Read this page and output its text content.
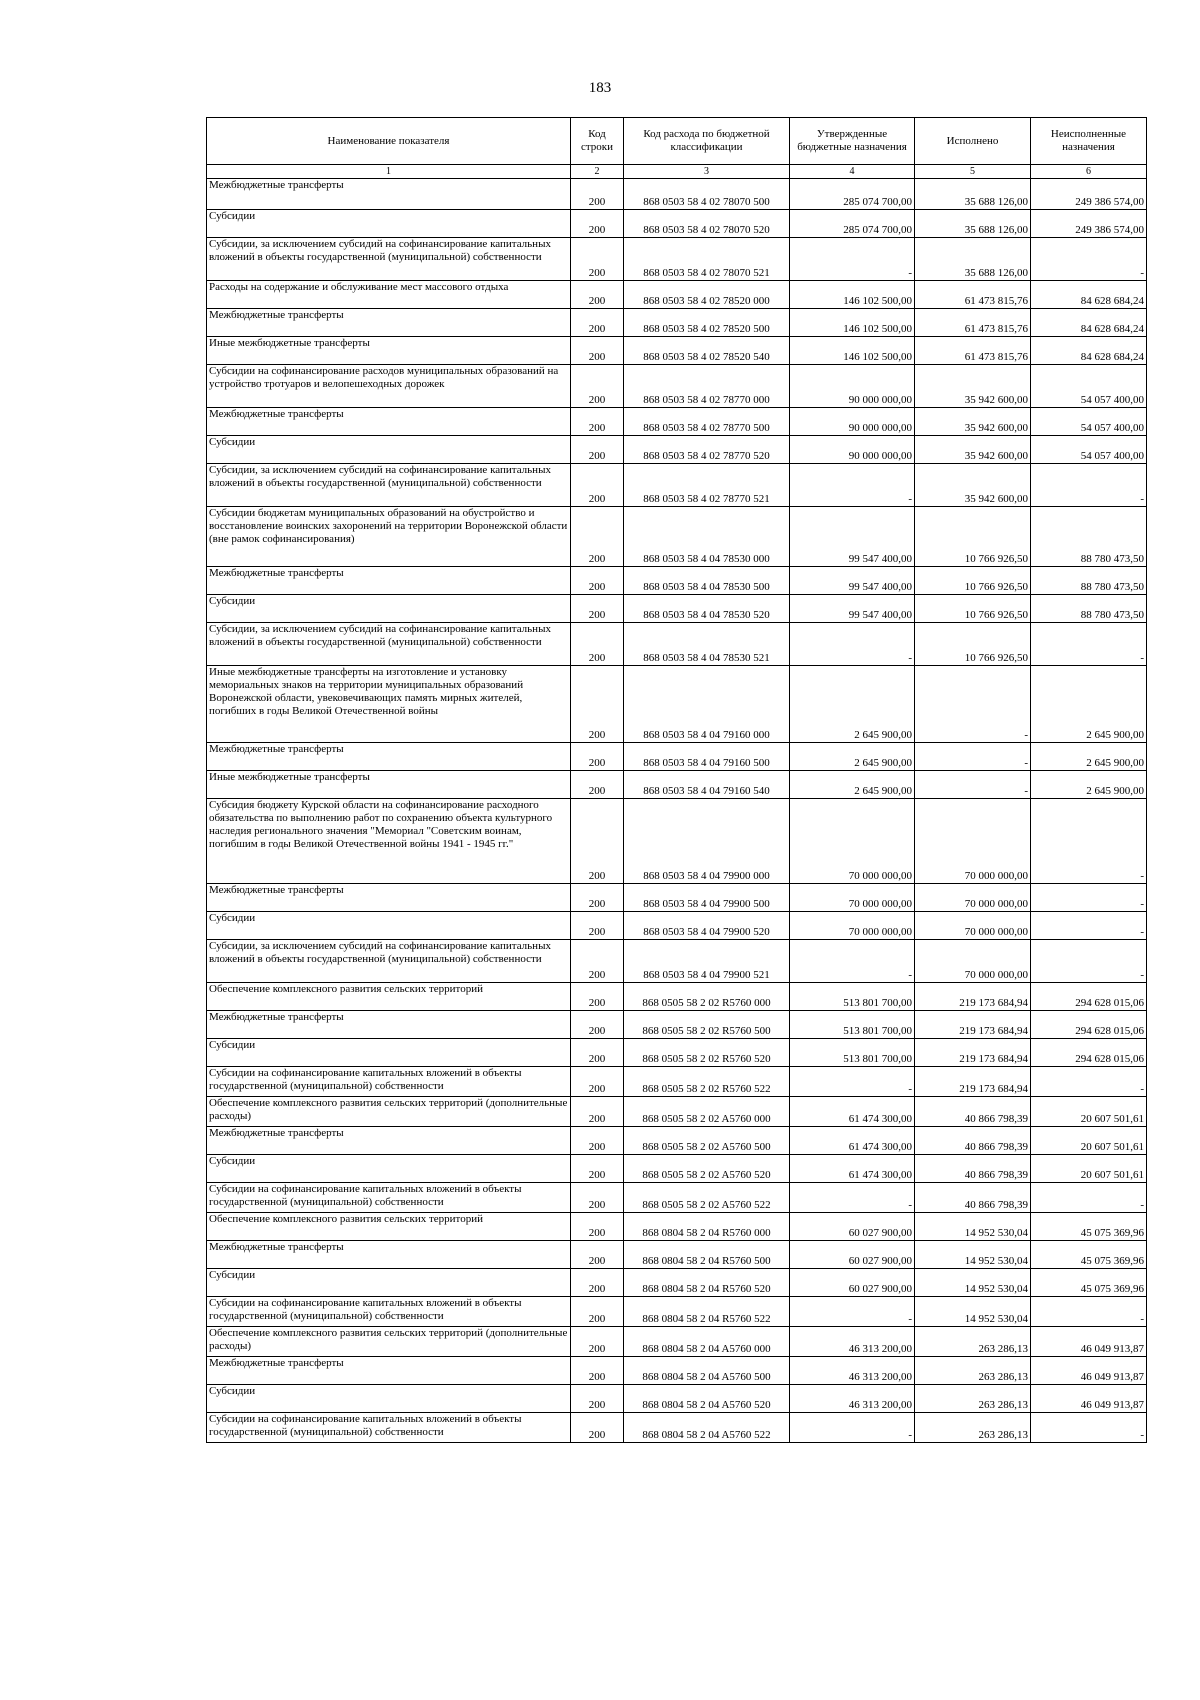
183
Наименование показателя	Код строки	Код расхода по бюджетной классификации	Утвержденные бюджетные назначения	Исполнено	Неисполненные назначения
1	2	3	4	5	6
Межбюджетные трансферты	200	868 0503 58 4 02 78070 500	285 074 700,00	35 688 126,00	249 386 574,00
Субсидии	200	868 0503 58 4 02 78070 520	285 074 700,00	35 688 126,00	249 386 574,00
Субсидии, за исключением субсидий на софинансирование капитальных вложений в объекты государственной (муниципальной) собственности	200	868 0503 58 4 02 78070 521	-	35 688 126,00	-
Расходы на содержание и обслуживание мест массового отдыха	200	868 0503 58 4 02 78520 000	146 102 500,00	61 473 815,76	84 628 684,24
Межбюджетные трансферты	200	868 0503 58 4 02 78520 500	146 102 500,00	61 473 815,76	84 628 684,24
Иные межбюджетные трансферты	200	868 0503 58 4 02 78520 540	146 102 500,00	61 473 815,76	84 628 684,24
Субсидии на софинансирование расходов муниципальных образований на устройство тротуаров и велопешеходных дорожек	200	868 0503 58 4 02 78770 000	90 000 000,00	35 942 600,00	54 057 400,00
Межбюджетные трансферты	200	868 0503 58 4 02 78770 500	90 000 000,00	35 942 600,00	54 057 400,00
Субсидии	200	868 0503 58 4 02 78770 520	90 000 000,00	35 942 600,00	54 057 400,00
Субсидии, за исключением субсидий на софинансирование капитальных вложений в объекты государственной (муниципальной) собственности	200	868 0503 58 4 02 78770 521	-	35 942 600,00	-
Субсидии бюджетам муниципальных образований на обустройство и восстановление воинских захоронений на территории Воронежской области (вне рамок софинансирования)	200	868 0503 58 4 04 78530 000	99 547 400,00	10 766 926,50	88 780 473,50
Межбюджетные трансферты	200	868 0503 58 4 04 78530 500	99 547 400,00	10 766 926,50	88 780 473,50
Субсидии	200	868 0503 58 4 04 78530 520	99 547 400,00	10 766 926,50	88 780 473,50
Субсидии, за исключением субсидий на софинансирование капитальных вложений в объекты государственной (муниципальной) собственности	200	868 0503 58 4 04 78530 521	-	10 766 926,50	-
Иные межбюджетные трансферты на изготовление и установку мемориальных знаков на территории муниципальных образований Воронежской области, увековечивающих память мирных жителей, погибших в годы Великой Отечественной войны	200	868 0503 58 4 04 79160 000	2 645 900,00	-	2 645 900,00
Межбюджетные трансферты	200	868 0503 58 4 04 79160 500	2 645 900,00	-	2 645 900,00
Иные межбюджетные трансферты	200	868 0503 58 4 04 79160 540	2 645 900,00	-	2 645 900,00
Субсидия бюджету Курской области на софинансирование расходного обязательства по выполнению работ по сохранению объекта культурного наследия регионального значения "Мемориал "Советским воинам, погибшим в годы Великой Отечественной войны 1941 - 1945 гг."	200	868 0503 58 4 04 79900 000	70 000 000,00	70 000 000,00	-
Межбюджетные трансферты	200	868 0503 58 4 04 79900 500	70 000 000,00	70 000 000,00	-
Субсидии	200	868 0503 58 4 04 79900 520	70 000 000,00	70 000 000,00	-
Субсидии, за исключением субсидий на софинансирование капитальных вложений в объекты государственной (муниципальной) собственности	200	868 0503 58 4 04 79900 521	-	70 000 000,00	-
Обеспечение комплексного развития сельских территорий	200	868 0505 58 2 02 R5760 000	513 801 700,00	219 173 684,94	294 628 015,06
Межбюджетные трансферты	200	868 0505 58 2 02 R5760 500	513 801 700,00	219 173 684,94	294 628 015,06
Субсидии	200	868 0505 58 2 02 R5760 520	513 801 700,00	219 173 684,94	294 628 015,06
Субсидии на софинансирование капитальных вложений в объекты государственной (муниципальной) собственности	200	868 0505 58 2 02 R5760 522	-	219 173 684,94	-
Обеспечение комплексного развития сельских территорий (дополнительные расходы)	200	868 0505 58 2 02 A5760 000	61 474 300,00	40 866 798,39	20 607 501,61
Межбюджетные трансферты	200	868 0505 58 2 02 A5760 500	61 474 300,00	40 866 798,39	20 607 501,61
Субсидии	200	868 0505 58 2 02 A5760 520	61 474 300,00	40 866 798,39	20 607 501,61
Субсидии на софинансирование капитальных вложений в объекты государственной (муниципальной) собственности	200	868 0505 58 2 02 A5760 522	-	40 866 798,39	-
Обеспечение комплексного развития сельских территорий	200	868 0804 58 2 04 R5760 000	60 027 900,00	14 952 530,04	45 075 369,96
Межбюджетные трансферты	200	868 0804 58 2 04 R5760 500	60 027 900,00	14 952 530,04	45 075 369,96
Субсидии	200	868 0804 58 2 04 R5760 520	60 027 900,00	14 952 530,04	45 075 369,96
Субсидии на софинансирование капитальных вложений в объекты государственной (муниципальной) собственности	200	868 0804 58 2 04 R5760 522	-	14 952 530,04	-
Обеспечение комплексного развития сельских территорий (дополнительные расходы)	200	868 0804 58 2 04 A5760 000	46 313 200,00	263 286,13	46 049 913,87
Межбюджетные трансферты	200	868 0804 58 2 04 A5760 500	46 313 200,00	263 286,13	46 049 913,87
Субсидии	200	868 0804 58 2 04 A5760 520	46 313 200,00	263 286,13	46 049 913,87
Субсидии на софинансирование капитальных вложений в объекты государственной (муниципальной) собственности	200	868 0804 58 2 04 A5760 522	-	263 286,13	-
